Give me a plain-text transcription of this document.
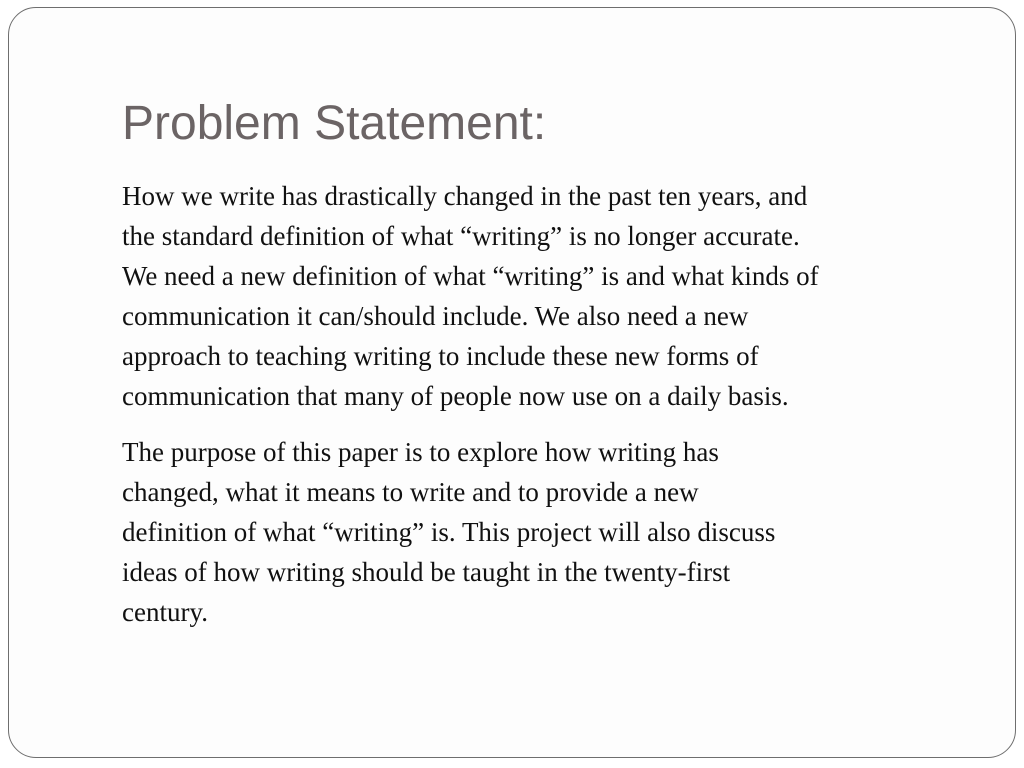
Problem Statement:

How we write has drastically changed in the past ten years, and
the standard definition of what “writing” is no longer accurate.
We need a new definition of what “writing” is and what kinds of
communication it can/should include. We also need a new
approach to teaching writing to include these new forms of
communication that many of people now use on a daily basis.

The purpose of this paper is to explore how writing has
changed, what it means to write and to provide a new
definition of what “writing” is. This project will also discuss
ideas of how writing should be taught in the twenty-first
century.
